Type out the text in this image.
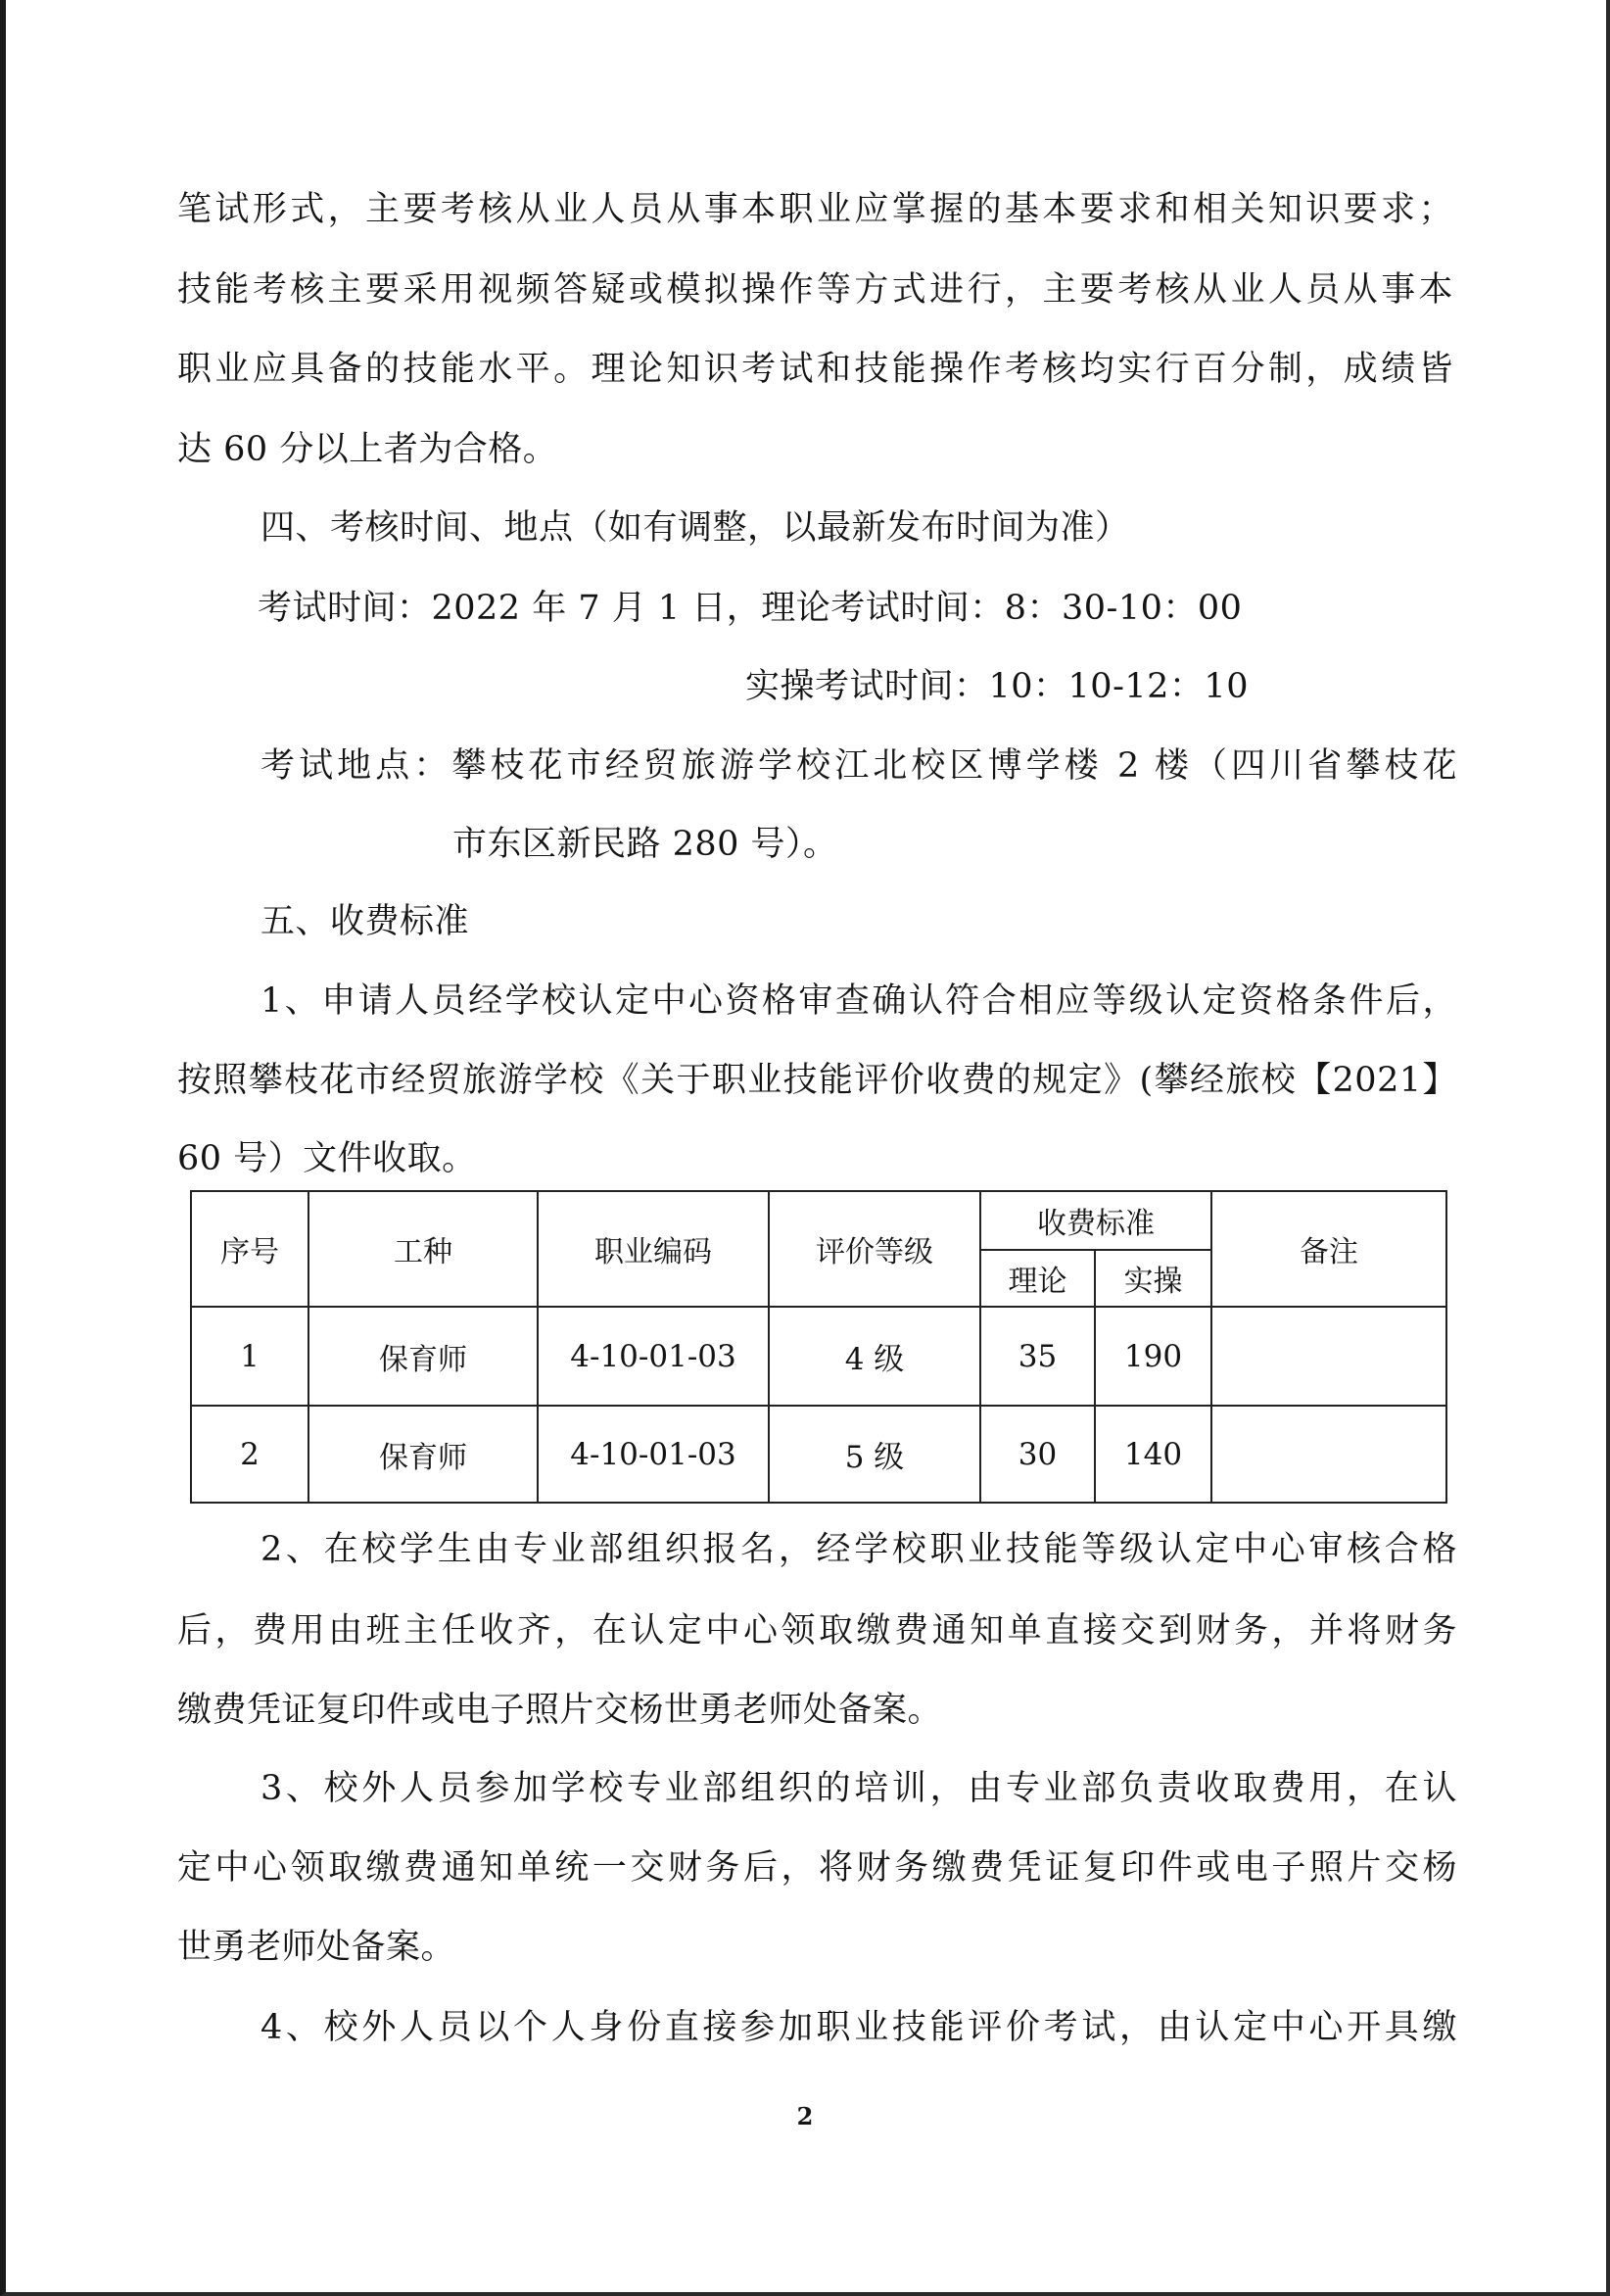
笔试形式，主要考核从业人员从事本职业应掌握的基本要求和相关知识要求；
技能考核主要采用视频答疑或模拟操作等方式进行，主要考核从业人员从事本
职业应具备的技能水平。理论知识考试和技能操作考核均实行百分制，成绩皆
达 60 分以上者为合格。
四、考核时间、地点（如有调整，以最新发布时间为准）
考试时间：2022 年 7 月 1 日，理论考试时间：8：30-10：00
实操考试时间：10：10-12：10
考试地点：攀枝花市经贸旅游学校江北校区博学楼 2 楼（四川省攀枝花
市东区新民路 280 号）。
五、收费标准
1、申请人员经学校认定中心资格审查确认符合相应等级认定资格条件后，
按照攀枝花市经贸旅游学校《关于职业技能评价收费的规定》(攀经旅校【2021】
60 号）文件收取。
序号	工种	职业编码	评价等级	收费标准		备注
				理论	实操	
1	保育师	4-10-01-03	4 级	35	190	
2	保育师	4-10-01-03	5 级	30	140	
2、在校学生由专业部组织报名，经学校职业技能等级认定中心审核合格
后，费用由班主任收齐，在认定中心领取缴费通知单直接交到财务，并将财务
缴费凭证复印件或电子照片交杨世勇老师处备案。
3、校外人员参加学校专业部组织的培训，由专业部负责收取费用，在认
定中心领取缴费通知单统一交财务后，将财务缴费凭证复印件或电子照片交杨
世勇老师处备案。
4、校外人员以个人身份直接参加职业技能评价考试，由认定中心开具缴
2
